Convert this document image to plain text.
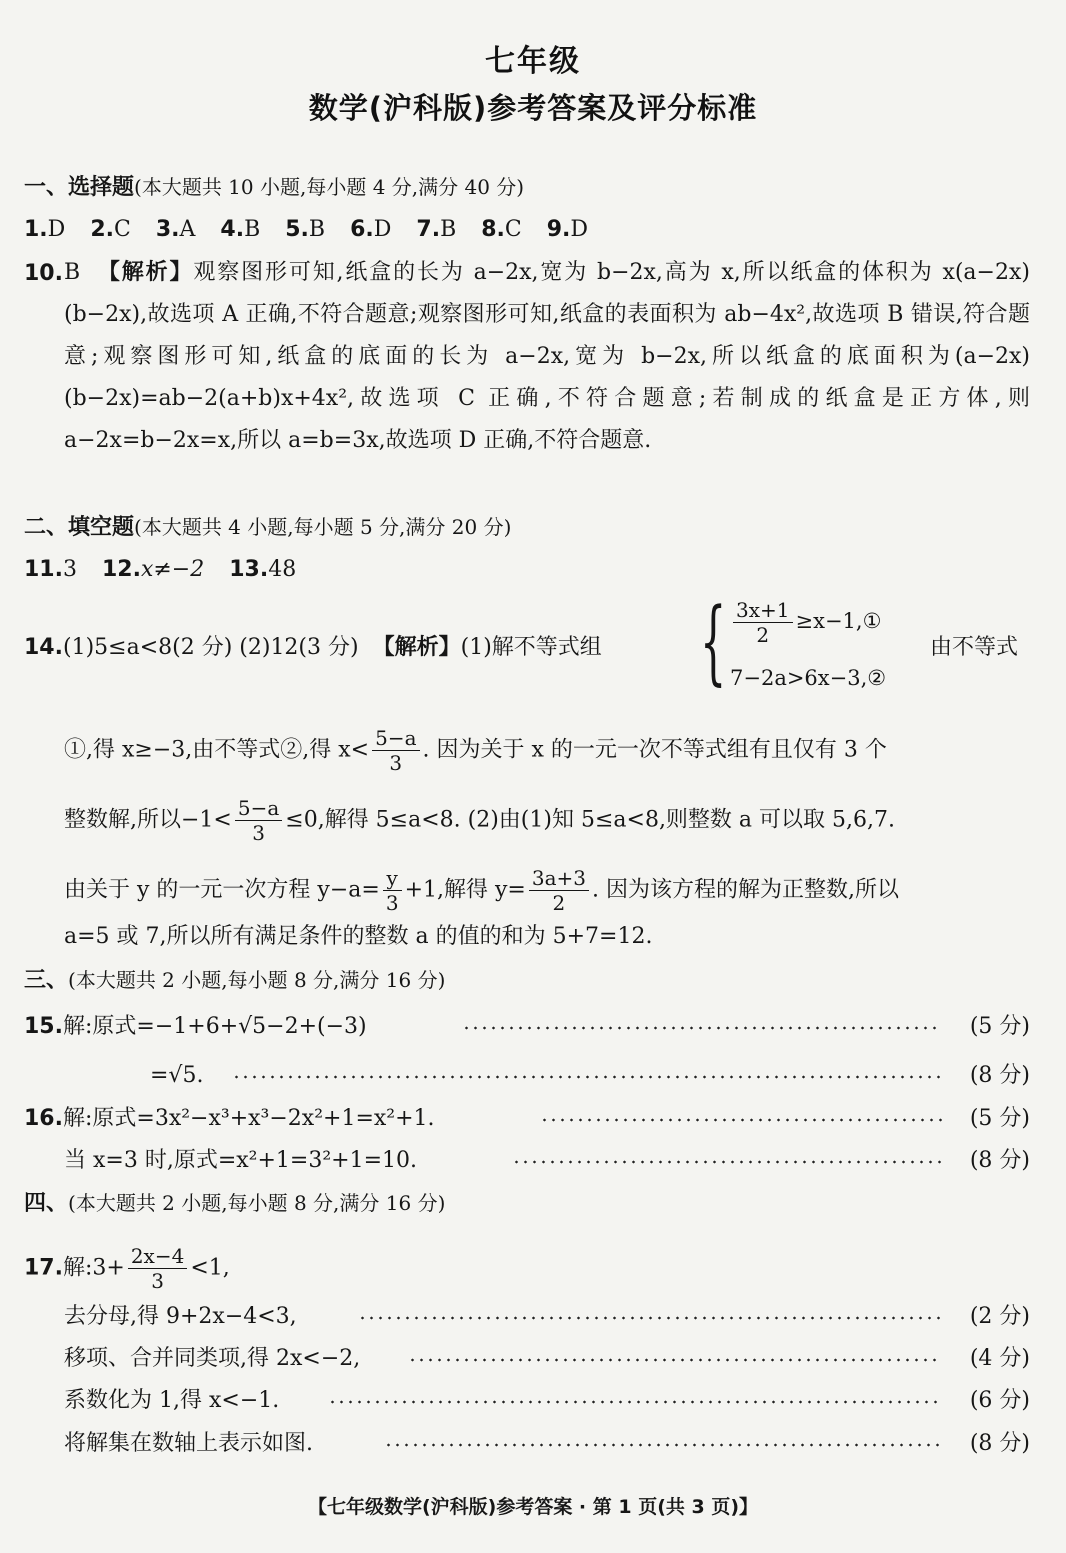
七年级
数学(沪科版)参考答案及评分标准
一、选择题(本大题共 10 小题,每小题 4 分,满分 40 分)
1.D 2.C 3.A 4.B 5.B 6.D 7.B 8.C 9.D
10. B 【解析】观察图形可知,纸盒的长为 a−2x,宽为 b−2x,高为 x,所以纸盒的体积为 x(a−2x)(b−2x),故选项 A 正确,不符合题意;观察图形可知,纸盒的表面积为 ab−4x²,故选项 B 错误,符合题意;观察图形可知,纸盒的底面的长为 a−2x,宽为 b−2x,所以纸盒的底面积为(a−2x)(b−2x)=ab−2(a+b)x+4x²,故选项 C 正确,不符合题意;若制成的纸盒是正方体,则 a−2x=b−2x=x,所以 a=b=3x,故选项 D 正确,不符合题意.
二、填空题(本大题共 4 小题,每小题 5 分,满分 20 分)
11.3 12.x≠−2 13.48
14.(1)5≤a<8(2 分) (2)12(3 分) 【解析】(1)解不等式组 { $\frac{3x+1}{2}$ ≥x−1,①
7−2a>6x−3,②
由不等式
①,得 x≥−3,由不等式②,得 $x< \frac{5-a}{3}$ . 因为关于 x 的一元一次不等式组有且仅有 3 个
整数解,所以$-1< \frac{5-a}{3} \le 0$,解得 5≤a<8. (2)由(1)知 5≤a<8,则整数 a 可以取 5,6,7.
由关于 y 的一元一次方程 $y-a= \frac{y}{3} +1$,解得 $y= \frac{3a+3}{2}$ . 因为该方程的解为正整数,所以
a=5 或 7,所以所有满足条件的整数 a 的值的和为 5+7=12.
三、(本大题共 2 小题,每小题 8 分,满分 16 分)
15.解:原式=−1+6+√5−2+(−3)	(5 分)
=√5.	(8 分)
16.解:原式=3x²−x³+x³−2x²+1=x²+1.	(5 分)
当 x=3 时,原式=x²+1=3²+1=10.	(8 分)
四、(本大题共 2 小题,每小题 8 分,满分 16 分)
17.解:3+ $\frac{2x-4}{3} <1$,
去分母,得 9+2x−4<3,	(2 分)
移项、合并同类项,得 2x<−2,	(4 分)
系数化为 1,得 x<−1.	(6 分)
将解集在数轴上表示如图.	(8 分)
【七年级数学(沪科版)参考答案 · 第 1 页(共 3 页)】
